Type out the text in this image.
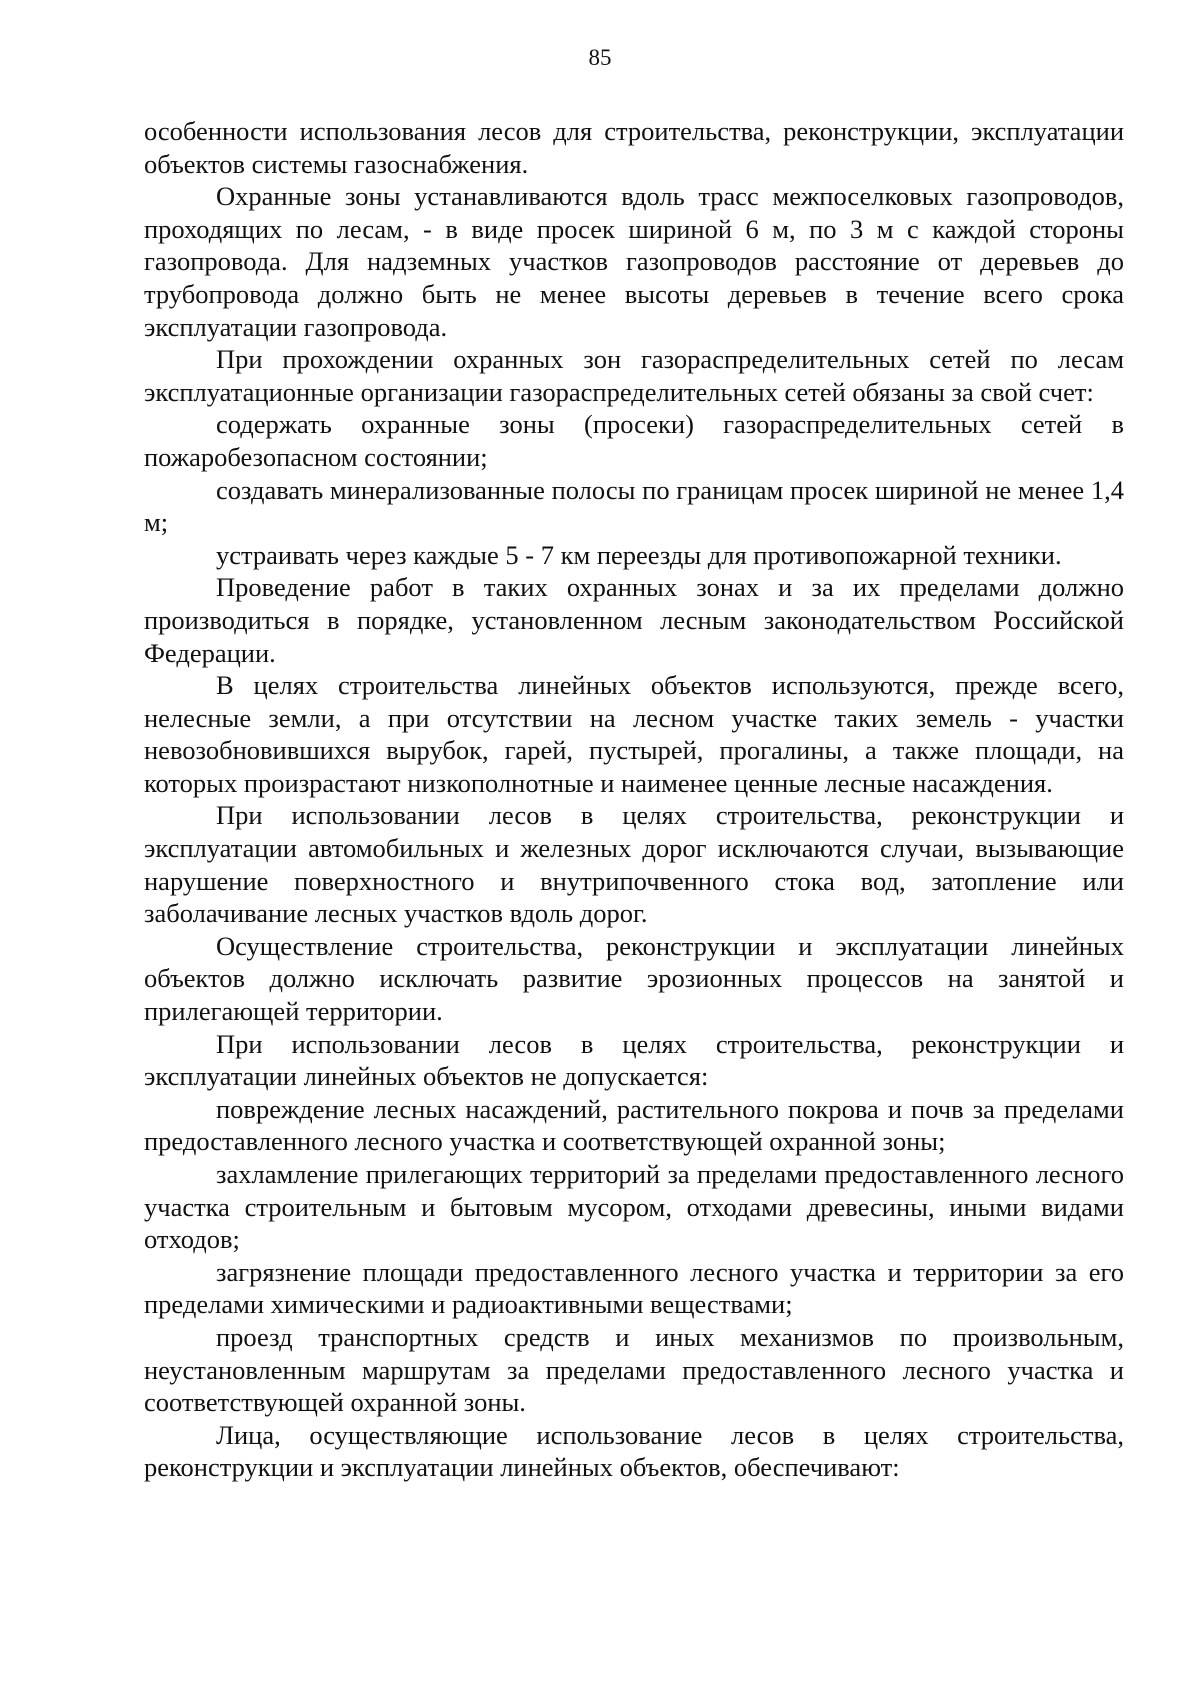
85

особенности использования лесов для строительства, реконструкции, эксплуатации объектов системы газоснабжения.

Охранные зоны устанавливаются вдоль трасс межпоселковых газопроводов, проходящих по лесам, - в виде просек шириной 6 м, по 3 м с каждой стороны газопровода. Для надземных участков газопроводов расстояние от деревьев до трубопровода должно быть не менее высоты деревьев в течение всего срока эксплуатации газопровода.

При прохождении охранных зон газораспределительных сетей по лесам эксплуатационные организации газораспределительных сетей обязаны за свой счет:

содержать охранные зоны (просеки) газораспределительных сетей в пожаробезопасном состоянии;

создавать минерализованные полосы по границам просек шириной не менее 1,4 м;

устраивать через каждые 5 - 7 км переезды для противопожарной техники.

Проведение работ в таких охранных зонах и за их пределами должно производиться в порядке, установленном лесным законодательством Российской Федерации.

В целях строительства линейных объектов используются, прежде всего, нелесные земли, а при отсутствии на лесном участке таких земель - участки невозобновившихся вырубок, гарей, пустырей, прогалины, а также площади, на которых произрастают низкополнотные и наименее ценные лесные насаждения.

При использовании лесов в целях строительства, реконструкции и эксплуатации автомобильных и железных дорог исключаются случаи, вызывающие нарушение поверхностного и внутрипочвенного стока вод, затопление или заболачивание лесных участков вдоль дорог.

Осуществление строительства, реконструкции и эксплуатации линейных объектов должно исключать развитие эрозионных процессов на занятой и прилегающей территории.

При использовании лесов в целях строительства, реконструкции и эксплуатации линейных объектов не допускается:

повреждение лесных насаждений, растительного покрова и почв за пределами предоставленного лесного участка и соответствующей охранной зоны;

захламление прилегающих территорий за пределами предоставленного лесного участка строительным и бытовым мусором, отходами древесины, иными видами отходов;

загрязнение площади предоставленного лесного участка и территории за его пределами химическими и радиоактивными веществами;

проезд транспортных средств и иных механизмов по произвольным, неустановленным маршрутам за пределами предоставленного лесного участка и соответствующей охранной зоны.

Лица, осуществляющие использование лесов в целях строительства, реконструкции и эксплуатации линейных объектов, обеспечивают:
